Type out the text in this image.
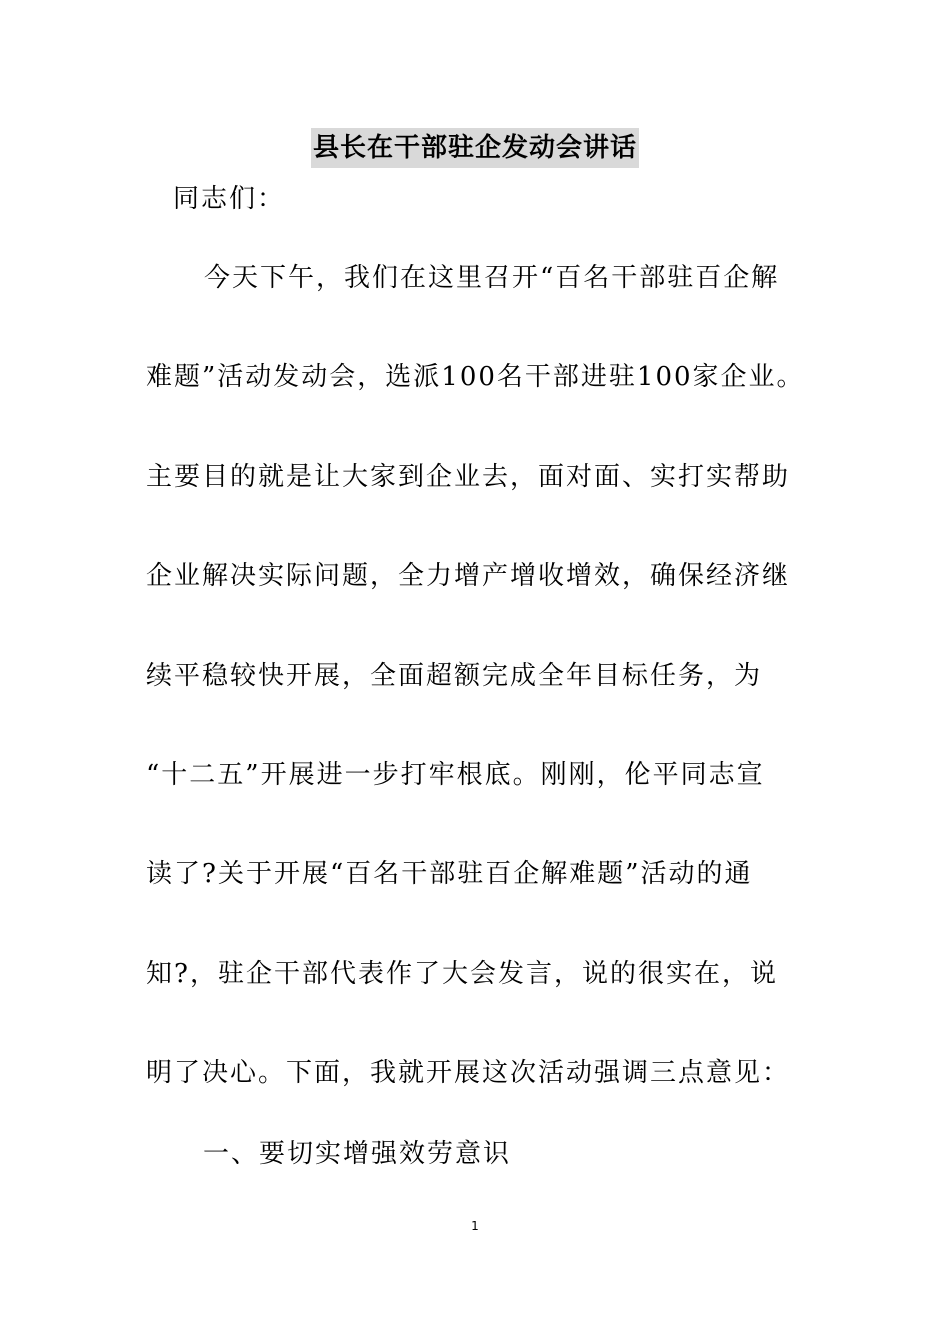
县长在干部驻企发动会讲话
同志们：
今天下午，我们在这里召开“百名干部驻百企解
难题”活动发动会，选派100名干部进驻100家企业。
主要目的就是让大家到企业去，面对面、实打实帮助
企业解决实际问题，全力增产增收增效，确保经济继
续平稳较快开展，全面超额完成全年目标任务，为
“十二五”开展进一步打牢根底。刚刚，伦平同志宣
读了?关于开展“百名干部驻百企解难题”活动的通
知?，驻企干部代表作了大会发言，说的很实在，说
明了决心。下面，我就开展这次活动强调三点意见：
一、要切实增强效劳意识
1
